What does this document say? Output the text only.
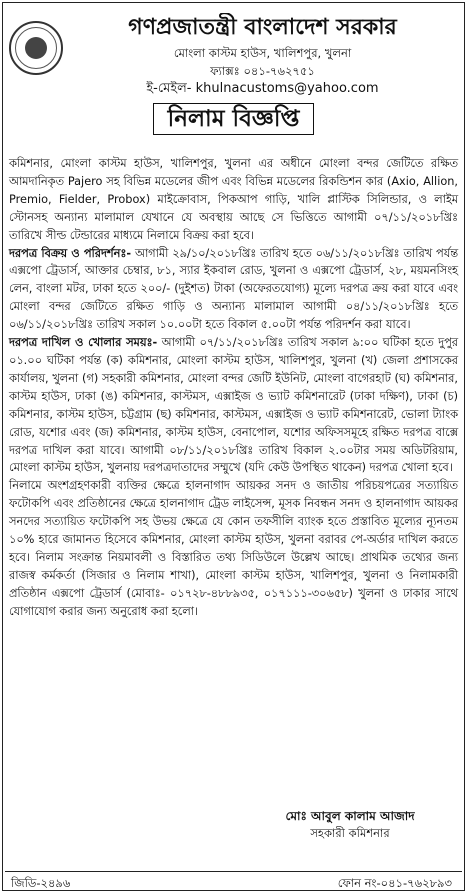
গণপ্রজাতন্ত্রী বাংলাদেশ সরকার
মোংলা কাস্টম হাউস, খালিশপুর, খুলনা
ফ্যাক্সঃ ০৪১-৭৬২৭৫১
ই-মেইল- khulnacustoms@yahoo.com
নিলাম বিজ্ঞপ্তি

কমিশনার, মোংলা কাস্টম হাউস, খালিশপুর, খুলনা এর অধীনে মোংলা বন্দর জেটিতে রক্ষিত আমদানিকৃত Pajero সহ বিভিন্ন মডেলের জীপ এবং বিভিন্ন মডেলের রিকন্ডিশন কার (Axio, Allion, Premio, Fielder, Probox) মাইক্রোবাস, পিকআপ গাড়ি, খালি প্লাস্টিক সিলিন্ডার, ও লাইম স্টোনসহ অন্যান্য মালামাল যেখানে যে অবস্থায় আছে সে ভিত্তিতে আগামী ০৭/১১/২০১৮খ্রিঃ তারিখে সীল্ড টেন্ডারের মাধ্যমে নিলামে বিক্রয় করা হবে।

দরপত্র বিক্রয় ও পরিদর্শনঃ- আগামী ২৯/১০/২০১৮খ্রিঃ তারিখ হতে ০৬/১১/২০১৮খ্রিঃ তারিখ পর্যন্ত এক্সপো ট্রেডার্স, আক্তার চেম্বার, ৮১, স্যার ইকবাল রোড, খুলনা ও এক্সপো ট্রেডার্স, ২৮, ময়মনসিংহ লেন, বাংলা মটর, ঢাকা হতে ২০০/- (দুইশত) টাকা (অফেরতযোগ্য) মূল্যে দরপত্র ক্রয় করা যাবে এবং মোংলা বন্দর জেটিতে রক্ষিত গাড়ি ও অন্যান্য মালামাল আগামী ০৪/১১/২০১৮খ্রিঃ হতে ০৬/১১/২০১৮খ্রিঃ তারিখ সকাল ১০.০০টা হতে বিকাল ৫.০০টা পর্যন্ত পরিদর্শন করা যাবে।

দরপত্র দাখিল ও খোলার সময়ঃ- আগামী ০৭/১১/২০১৮খ্রিঃ তারিখ সকাল ৯:০০ ঘটিকা হতে দুপুর ০১.০০ ঘটিকা পর্যন্ত (ক) কমিশনার, মোংলা কাস্টম হাউস, খালিশপুর, খুলনা (খ) জেলা প্রশাসকের কার্যালয়, খুলনা (গ) সহকারী কমিশনার, মোংলা বন্দর জেটি ইউনিট, মোংলা বাগেরহাট (ঘ) কমিশনার, কাস্টম হাউস, ঢাকা (ঙ) কমিশনার, কাস্টমস, এক্সাইজ ও ভ্যাট কমিশনারেট (ঢাকা দক্ষিণ), ঢাকা (চ) কমিশনার, কাস্টম হাউস, চট্টগ্রাম (ছ) কমিশনার, কাস্টমস, এক্সাইজ ও ভ্যাট কমিশনারেট, ভোলা ট্যাংক রোড, যশোর এবং (জ) কমিশনার, কাস্টম হাউস, বেনাপোল, যশোর অফিসসমূহে রক্ষিত দরপত্র বাক্সে দরপত্র দাখিল করা যাবে। আগামী ০৮/১১/২০১৮খ্রিঃ তারিখ বিকাল ২.০০টার সময় অডিটরিয়াম, মোংলা কাস্টম হাউস, খুলনায় দরপত্রদাতাদের সম্মুখে (যদি কেউ উপস্থিত থাকেন) দরপত্র খোলা হবে।

নিলামে অংশগ্রহণকারী ব্যক্তির ক্ষেত্রে হালনাগাদ আয়কর সনদ ও জাতীয় পরিচয়পত্রের সত্যায়িত ফটোকপি এবং প্রতিষ্ঠানের ক্ষেত্রে হালনাগাদ ট্রেড লাইসেন্স, মূসক নিবন্ধন সনদ ও হালনাগাদ আয়কর সনদের সত্যায়িত ফটোকপি সহ উভয় ক্ষেত্রে যে কোন তফসীলি ব্যাংক হতে প্রস্তাবিত মূল্যের ন্যূনতম ১০% হারে জামানত হিসেবে কমিশনার, মোংলা কাস্টম হাউস, খুলনা বরাবর পে-অর্ডার দাখিল করতে হবে। নিলাম সংক্রান্ত নিয়মাবলী ও বিস্তারিত তথ্য সিডিউলে উল্লেখ আছে। প্রাথমিক তথ্যের জন্য রাজস্ব কর্মকর্তা (সিজার ও নিলাম শাখা), মোংলা কাস্টম হাউস, খালিশপুর, খুলনা ও নিলামকারী প্রতিষ্ঠান এক্সপো ট্রেডার্স (মোবাঃ- ০১৭২৮-৪৮৮৯৩৫, ০১৭১১১-৩০৬৫৮) খুলনা ও ঢাকার সাথে যোগাযোগ করার জন্য অনুরোধ করা হলো।

মোঃ আবুল কালাম আজাদ
সহকারী কমিশনার
জিডি-২৪৯৬	ফোন নং-০৪১-৭৬২৮৯৩
